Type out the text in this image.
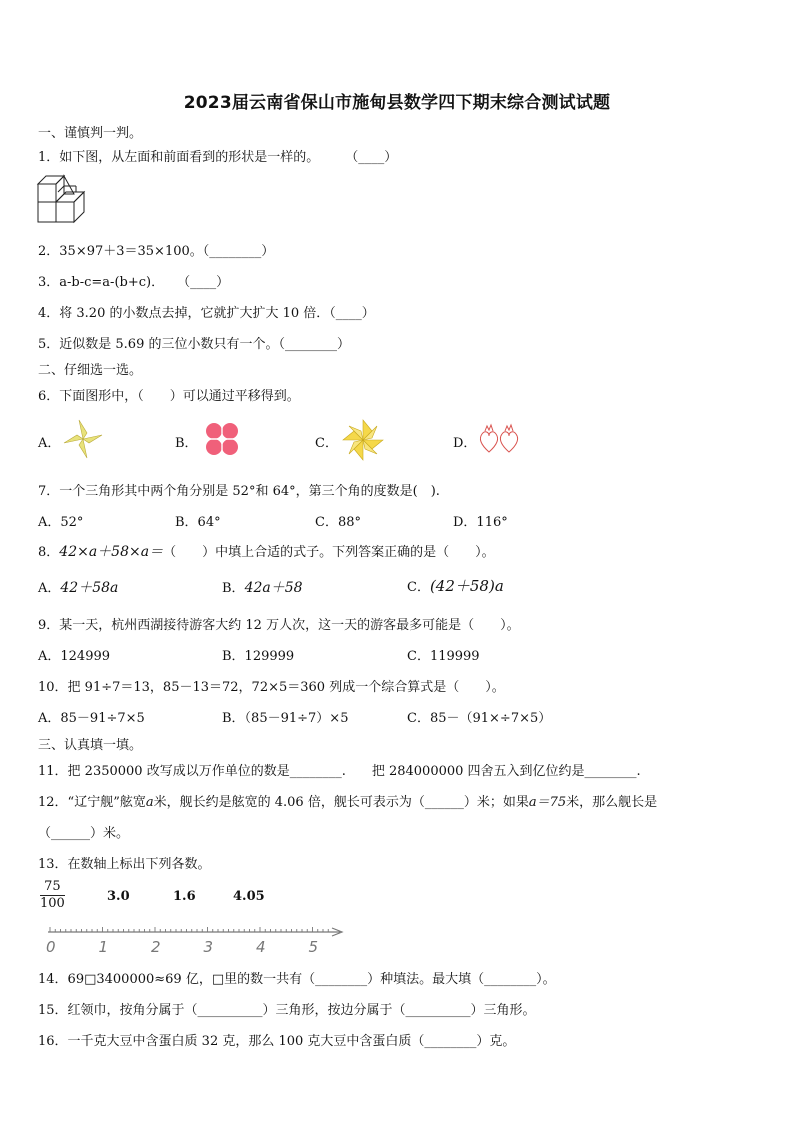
2023届云南省保山市施甸县数学四下期末综合测试试题
一、谨慎判一判。
1．如下图，从左面和前面看到的形状是一样的。　　　（____）
2．35×97＋3＝35×100。（________）
3．a-b-c=a-(b+c)．　　（____）
4．将 3.20 的小数点去掉，它就扩大扩大 10 倍．（____）
5．近似数是 5.69 的三位小数只有一个。（________）
二、仔细选一选。
6．下面图形中，（　　）可以通过平移得到。
A．	B．	C．	D．
7．一个三角形其中两个角分别是 52°和 64°，第三个角的度数是(　).
A．52°	B．64°	C．88°	D．116°
8．42×a＋58×a＝（　　）中填上合适的式子。下列答案正确的是（　　）。
A．42＋58a	B．42a＋58	C．(42＋58)a
9．某一天，杭州西湖接待游客大约 12 万人次，这一天的游客最多可能是（　　）。
A．124999	B．129999	C．119999
10．把 91÷7＝13，85－13＝72，72×5＝360 列成一个综合算式是（　　）。
A．85－91÷7×5	B．（85－91÷7）×5	C．85－（91×÷7×5）
三、认真填一填。
11．把 2350000 改写成以万作单位的数是________.　　把 284000000 四舍五入到亿位约是________.
12．“辽宁舰”舷宽a米，舰长约是舷宽的 4.06 倍，舰长可表示为（______）米；如果a＝75米，那么舰长是
（______）米。
13．在数轴上标出下列各数。
$\frac{75}{100}$	3.0	1.6	4.05
0	1	2	3	4	5
14．69□3400000≈69 亿，□里的数一共有（________）种填法。最大填（________）。
15．红领巾，按角分属于（__________）三角形，按边分属于（__________）三角形。
16．一千克大豆中含蛋白质 32 克，那么 100 克大豆中含蛋白质（________）克。
